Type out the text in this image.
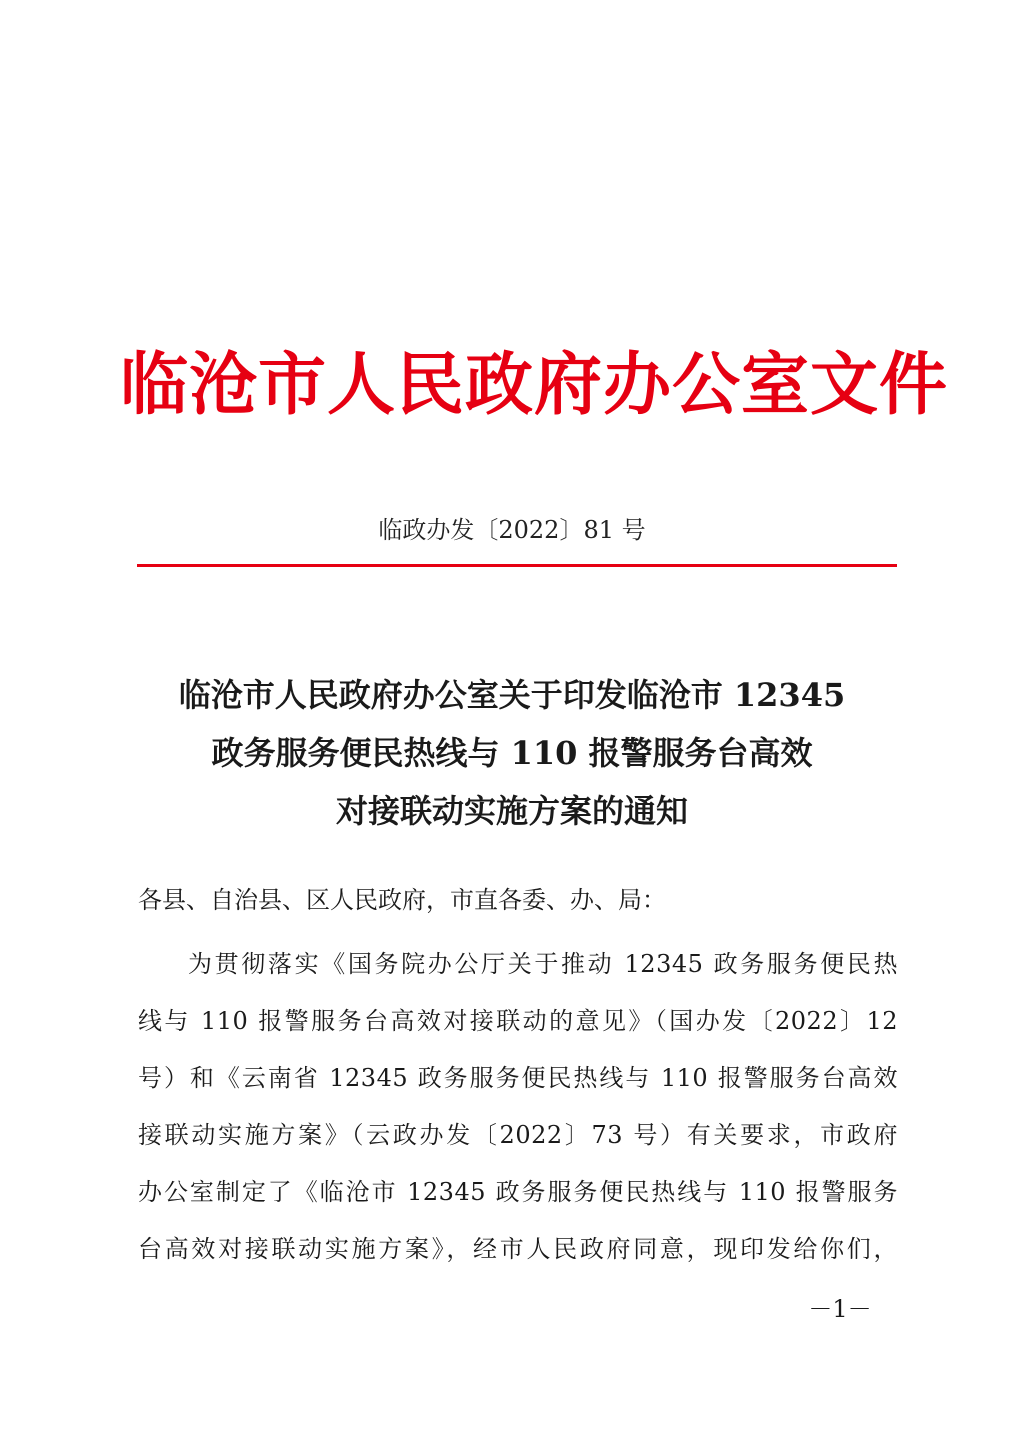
临沧市人民政府办公室文件
临政办发〔2022〕81 号
临沧市人民政府办公室关于印发临沧市 12345
政务服务便民热线与 110 报警服务台高效
对接联动实施方案的通知
各县、自治县、区人民政府，市直各委、办、局：
为贯彻落实《国务院办公厅关于推动 12345 政务服务便民热
线与 110 报警服务台高效对接联动的意见》（国办发〔2022〕12
号）和《云南省 12345 政务服务便民热线与 110 报警服务台高效
接联动实施方案》（云政办发〔2022〕73 号）有关要求，市政府
办公室制定了《临沧市 12345 政务服务便民热线与 110 报警服务
台高效对接联动实施方案》，经市人民政府同意，现印发给你们，
－1－
